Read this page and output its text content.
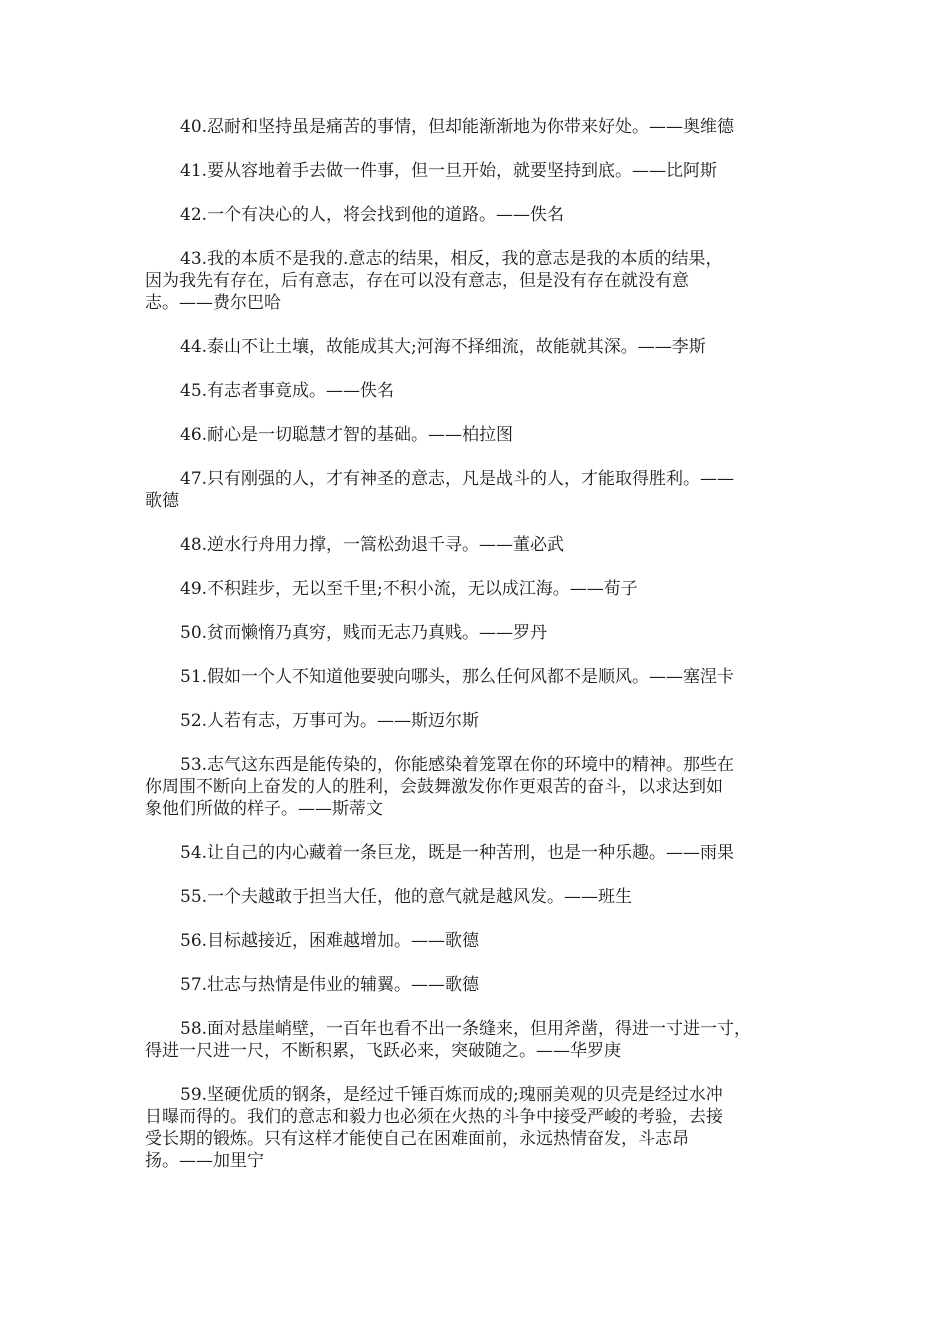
40.忍耐和坚持虽是痛苦的事情，但却能渐渐地为你带来好处。——奥维德
41.要从容地着手去做一件事，但一旦开始，就要坚持到底。——比阿斯
42.一个有决心的人，将会找到他的道路。——佚名
43.我的本质不是我的.意志的结果，相反，我的意志是我的本质的结果，
因为我先有存在，后有意志，存在可以没有意志，但是没有存在就没有意
志。——费尔巴哈
44.泰山不让土壤，故能成其大;河海不择细流，故能就其深。——李斯
45.有志者事竟成。——佚名
46.耐心是一切聪慧才智的基础。——柏拉图
47.只有刚强的人，才有神圣的意志，凡是战斗的人，才能取得胜利。——
歌德
48.逆水行舟用力撑，一篙松劲退千寻。——董必武
49.不积跬步，无以至千里;不积小流，无以成江海。——荀子
50.贫而懒惰乃真穷，贱而无志乃真贱。——罗丹
51.假如一个人不知道他要驶向哪头，那么任何风都不是顺风。——塞涅卡
52.人若有志，万事可为。——斯迈尔斯
53.志气这东西是能传染的，你能感染着笼罩在你的环境中的精神。那些在
你周围不断向上奋发的人的胜利，会鼓舞激发你作更艰苦的奋斗，以求达到如
象他们所做的样子。——斯蒂文
54.让自己的内心藏着一条巨龙，既是一种苦刑，也是一种乐趣。——雨果
55.一个夫越敢于担当大任，他的意气就是越风发。——班生
56.目标越接近，困难越增加。——歌德
57.壮志与热情是伟业的辅翼。——歌德
58.面对悬崖峭壁，一百年也看不出一条缝来，但用斧凿，得进一寸进一寸，
得进一尺进一尺，不断积累，飞跃必来，突破随之。——华罗庚
59.坚硬优质的钢条，是经过千锤百炼而成的;瑰丽美观的贝壳是经过水冲
日曝而得的。我们的意志和毅力也必须在火热的斗争中接受严峻的考验，去接
受长期的锻炼。只有这样才能使自己在困难面前，永远热情奋发，斗志昂
扬。——加里宁
